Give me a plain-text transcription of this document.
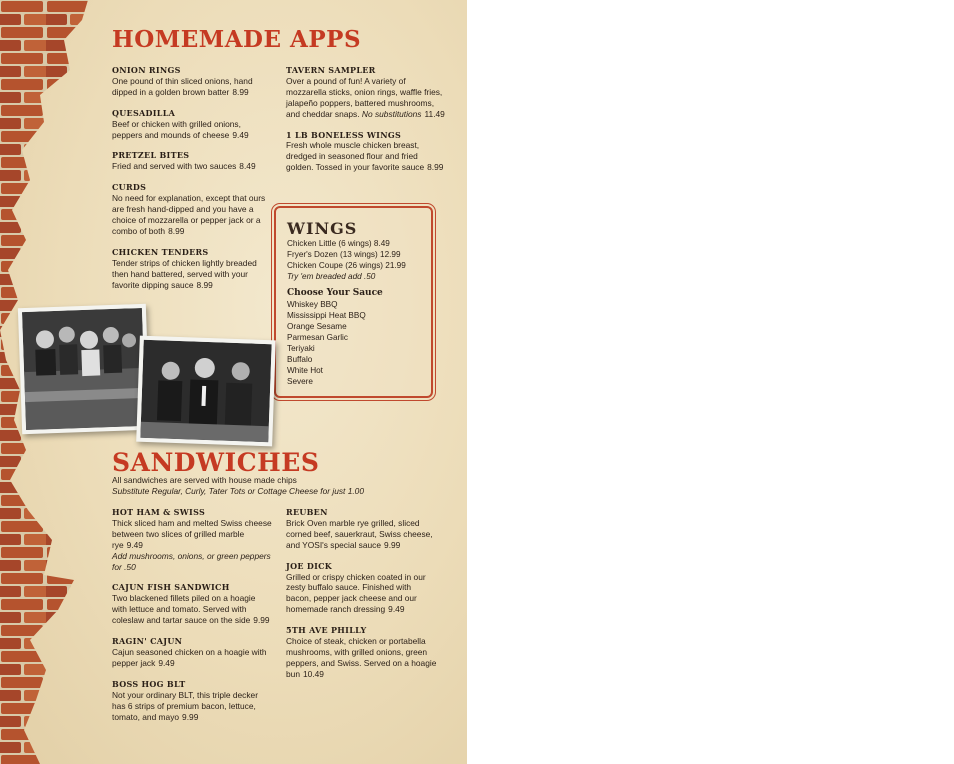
HOMEMADE APPS
ONION RINGS
One pound of thin sliced onions, hand dipped in a golden brown batter 8.99
QUESADILLA
Beef or chicken with grilled onions, peppers and mounds of cheese 9.49
PRETZEL BITES
Fried and served with two sauces 8.49
CURDS
No need for explanation, except that ours are fresh hand-dipped and you have a choice of mozzarella or pepper jack or a combo of both 8.99
CHICKEN TENDERS
Tender strips of chicken lightly breaded then hand battered, served with your favorite dipping sauce 8.99
TAVERN SAMPLER
Over a pound of fun! A variety of mozzarella sticks, onion rings, waffle fries, jalapeño poppers, battered mushrooms, and cheddar snaps. No substitutions 11.49
1 LB BONELESS WINGS
Fresh whole muscle chicken breast, dredged in seasoned flour and fried golden. Tossed in your favorite sauce 8.99
WINGS
Chicken Little (6 wings) 8.49
Fryer's Dozen (13 wings) 12.99
Chicken Coupe (26 wings) 21.99
Try 'em breaded add .50
Choose Your Sauce
Whiskey BBQ
Mississippi Heat BBQ
Orange Sesame
Parmesan Garlic
Teriyaki
Buffalo
White Hot
Severe
SANDWICHES
All sandwiches are served with house made chips
Substitute Regular, Curly, Tater Tots or Cottage Cheese for just 1.00
HOT HAM & SWISS
Thick sliced ham and melted Swiss cheese between two slices of grilled marble rye 9.49
Add mushrooms, onions, or green peppers for .50
CAJUN FISH SANDWICH
Two blackened fillets piled on a hoagie with lettuce and tomato. Served with coleslaw and tartar sauce on the side 9.99
RAGIN' CAJUN
Cajun seasoned chicken on a hoagie with pepper jack 9.49
BOSS HOG BLT
Not your ordinary BLT, this triple decker has 6 strips of premium bacon, lettuce, tomato, and mayo 9.99
REUBEN
Brick Oven marble rye grilled, sliced corned beef, sauerkraut, Swiss cheese, and YOSI's special sauce 9.99
JOE DICK
Grilled or crispy chicken coated in our zesty buffalo sauce. Finished with bacon, pepper jack cheese and our homemade ranch dressing 9.49
5TH AVE PHILLY
Choice of steak, chicken or portabella mushrooms, with grilled onions, green peppers, and Swiss. Served on a hoagie bun 10.49
